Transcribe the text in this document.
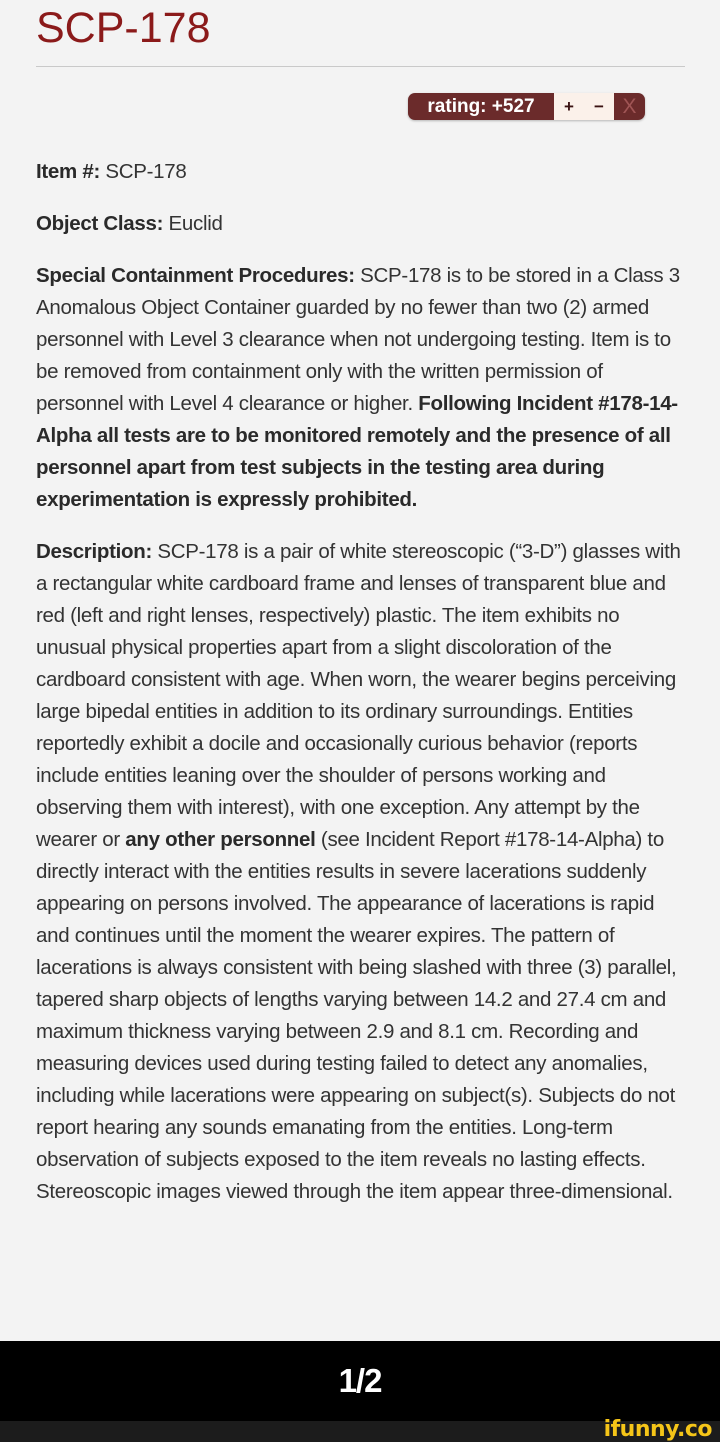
SCP-178
rating: +527	+ − X

Item #: SCP-178

Object Class: Euclid

Special Containment Procedures: SCP-178 is to be stored in a Class 3 Anomalous Object Container guarded by no fewer than two (2) armed personnel with Level 3 clearance when not undergoing testing. Item is to be removed from containment only with the written permission of personnel with Level 4 clearance or higher. Following Incident #178-14-Alpha all tests are to be monitored remotely and the presence of all personnel apart from test subjects in the testing area during experimentation is expressly prohibited.

Description: SCP-178 is a pair of white stereoscopic (“3-D”) glasses with a rectangular white cardboard frame and lenses of transparent blue and red (left and right lenses, respectively) plastic. The item exhibits no unusual physical properties apart from a slight discoloration of the cardboard consistent with age. When worn, the wearer begins perceiving large bipedal entities in addition to its ordinary surroundings. Entities reportedly exhibit a docile and occasionally curious behavior (reports include entities leaning over the shoulder of persons working and observing them with interest), with one exception. Any attempt by the wearer or any other personnel (see Incident Report #178-14-Alpha) to directly interact with the entities results in severe lacerations suddenly appearing on persons involved. The appearance of lacerations is rapid and continues until the moment the wearer expires. The pattern of lacerations is always consistent with being slashed with three (3) parallel, tapered sharp objects of lengths varying between 14.2 and 27.4 cm and maximum thickness varying between 2.9 and 8.1 cm. Recording and measuring devices used during testing failed to detect any anomalies, including while lacerations were appearing on subject(s). Subjects do not report hearing any sounds emanating from the entities. Long-term observation of subjects exposed to the item reveals no lasting effects. Stereoscopic images viewed through the item appear three-dimensional.

1/2
ifunny.co
